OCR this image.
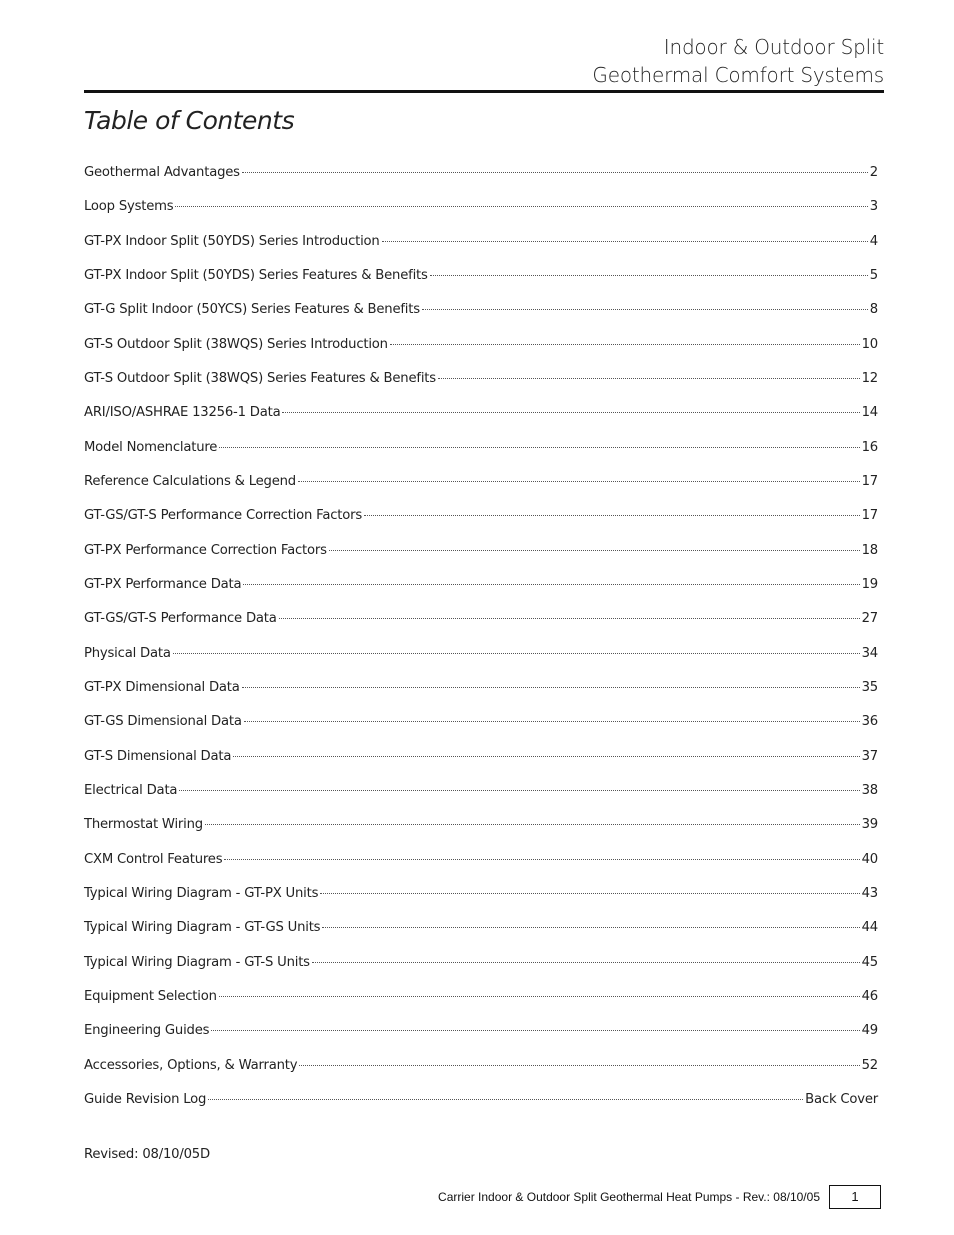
Indoor & Outdoor Split
Geothermal Comfort Systems
Table of Contents
Geothermal Advantages	2
Loop Systems	3
GT-PX Indoor Split (50YDS) Series Introduction	4
GT-PX Indoor Split (50YDS) Series Features & Benefits	5
GT-G Split Indoor (50YCS) Series Features & Benefits	8
GT-S Outdoor Split (38WQS) Series Introduction	10
GT-S Outdoor Split (38WQS) Series Features & Benefits	12
ARI/ISO/ASHRAE 13256-1 Data	14
Model Nomenclature	16
Reference Calculations & Legend	17
GT-GS/GT-S Performance Correction Factors	17
GT-PX Performance Correction Factors	18
GT-PX Performance Data	19
GT-GS/GT-S Performance Data	27
Physical Data	34
GT-PX Dimensional Data	35
GT-GS Dimensional Data	36
GT-S Dimensional Data	37
Electrical Data	38
Thermostat Wiring	39
CXM Control Features	40
Typical Wiring Diagram - GT-PX Units	43
Typical Wiring Diagram - GT-GS Units	44
Typical Wiring Diagram - GT-S Units	45
Equipment Selection	46
Engineering Guides	49
Accessories, Options, & Warranty	52
Guide Revision Log	Back Cover
Revised: 08/10/05D
Carrier Indoor & Outdoor Split Geothermal Heat Pumps - Rev.: 08/10/05	1
